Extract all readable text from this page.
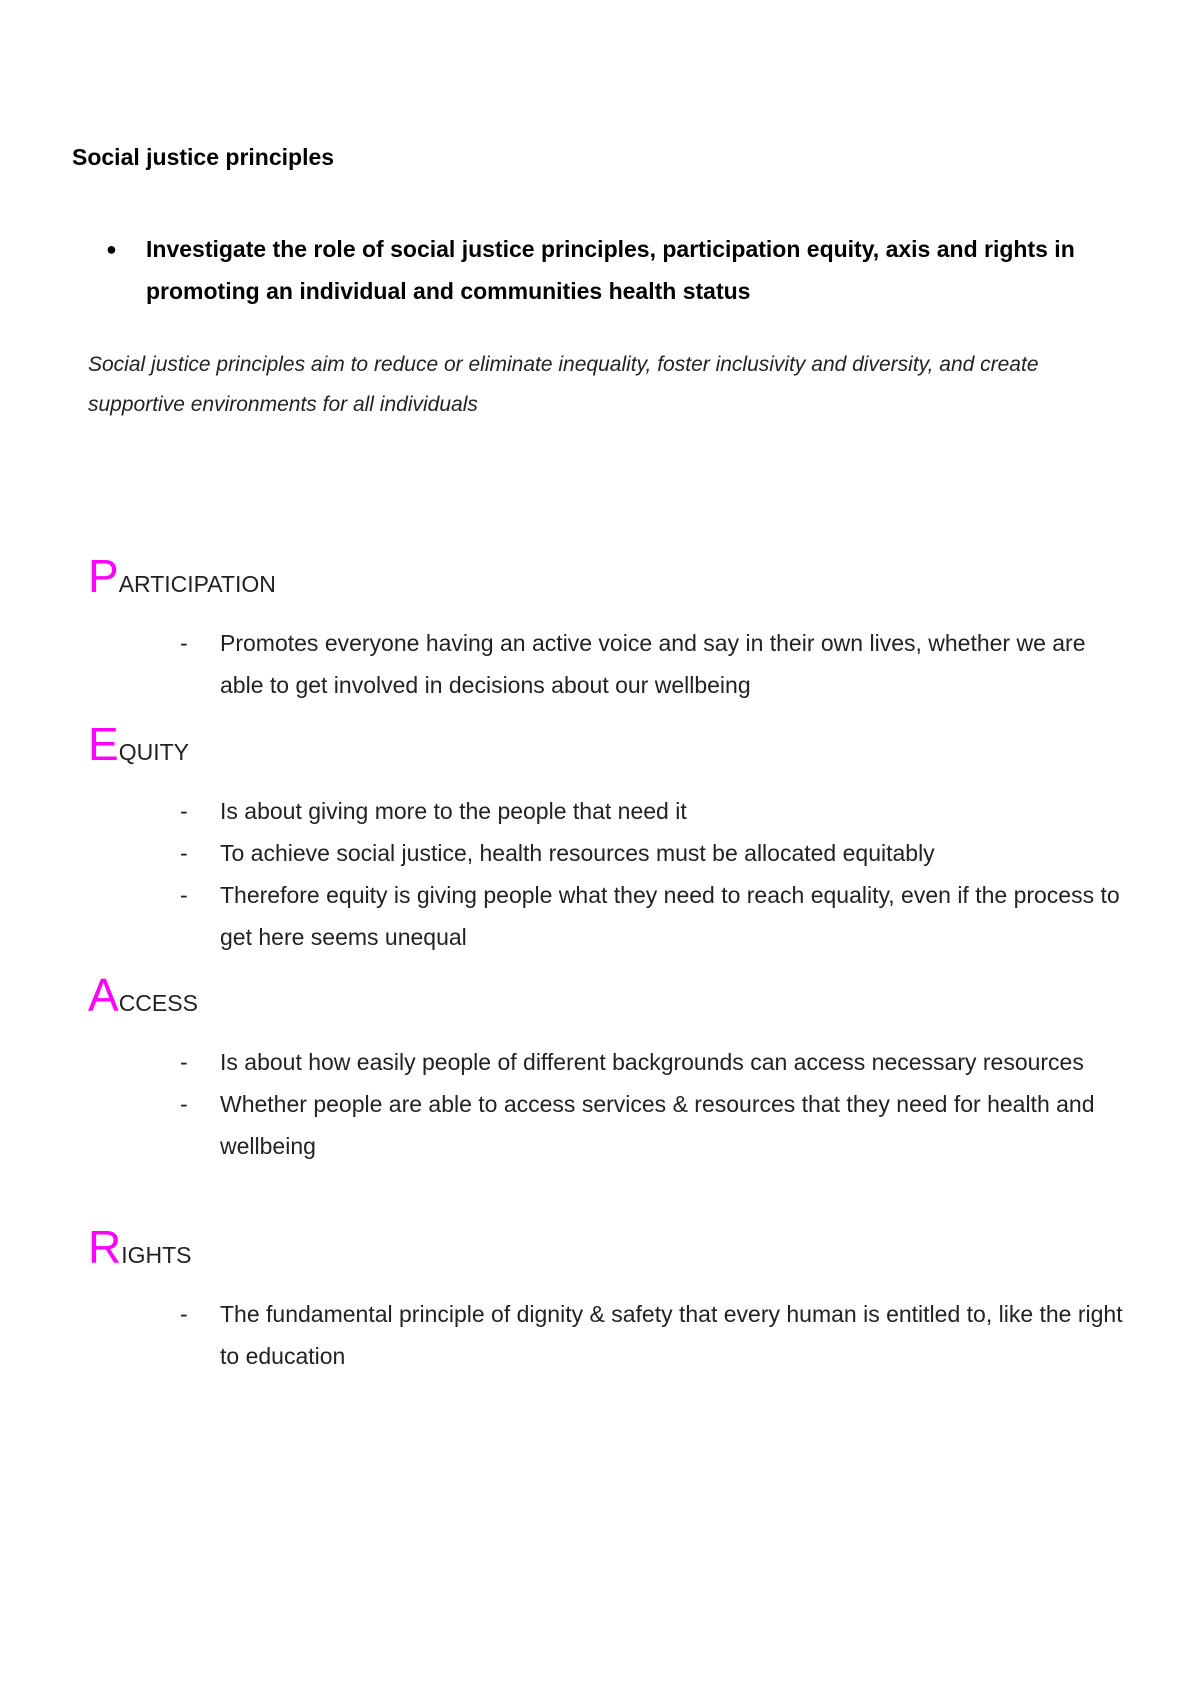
Social justice principles
●	Investigate the role of social justice principles, participation equity, axis and rights in promoting an individual and communities health status

Social justice principles aim to reduce or eliminate inequality, foster inclusivity and diversity, and create supportive environments for all individuals

PARTICIPATION
-	Promotes everyone having an active voice and say in their own lives, whether we are able to get involved in decisions about our wellbeing
EQUITY
-	Is about giving more to the people that need it
-	To achieve social justice, health resources must be allocated equitably
-	Therefore equity is giving people what they need to reach equality, even if the process to get here seems unequal
ACCESS
-	Is about how easily people of different backgrounds can access necessary resources
-	Whether people are able to access services & resources that they need for health and wellbeing
RIGHTS
-	The fundamental principle of dignity & safety that every human is entitled to, like the right to education
